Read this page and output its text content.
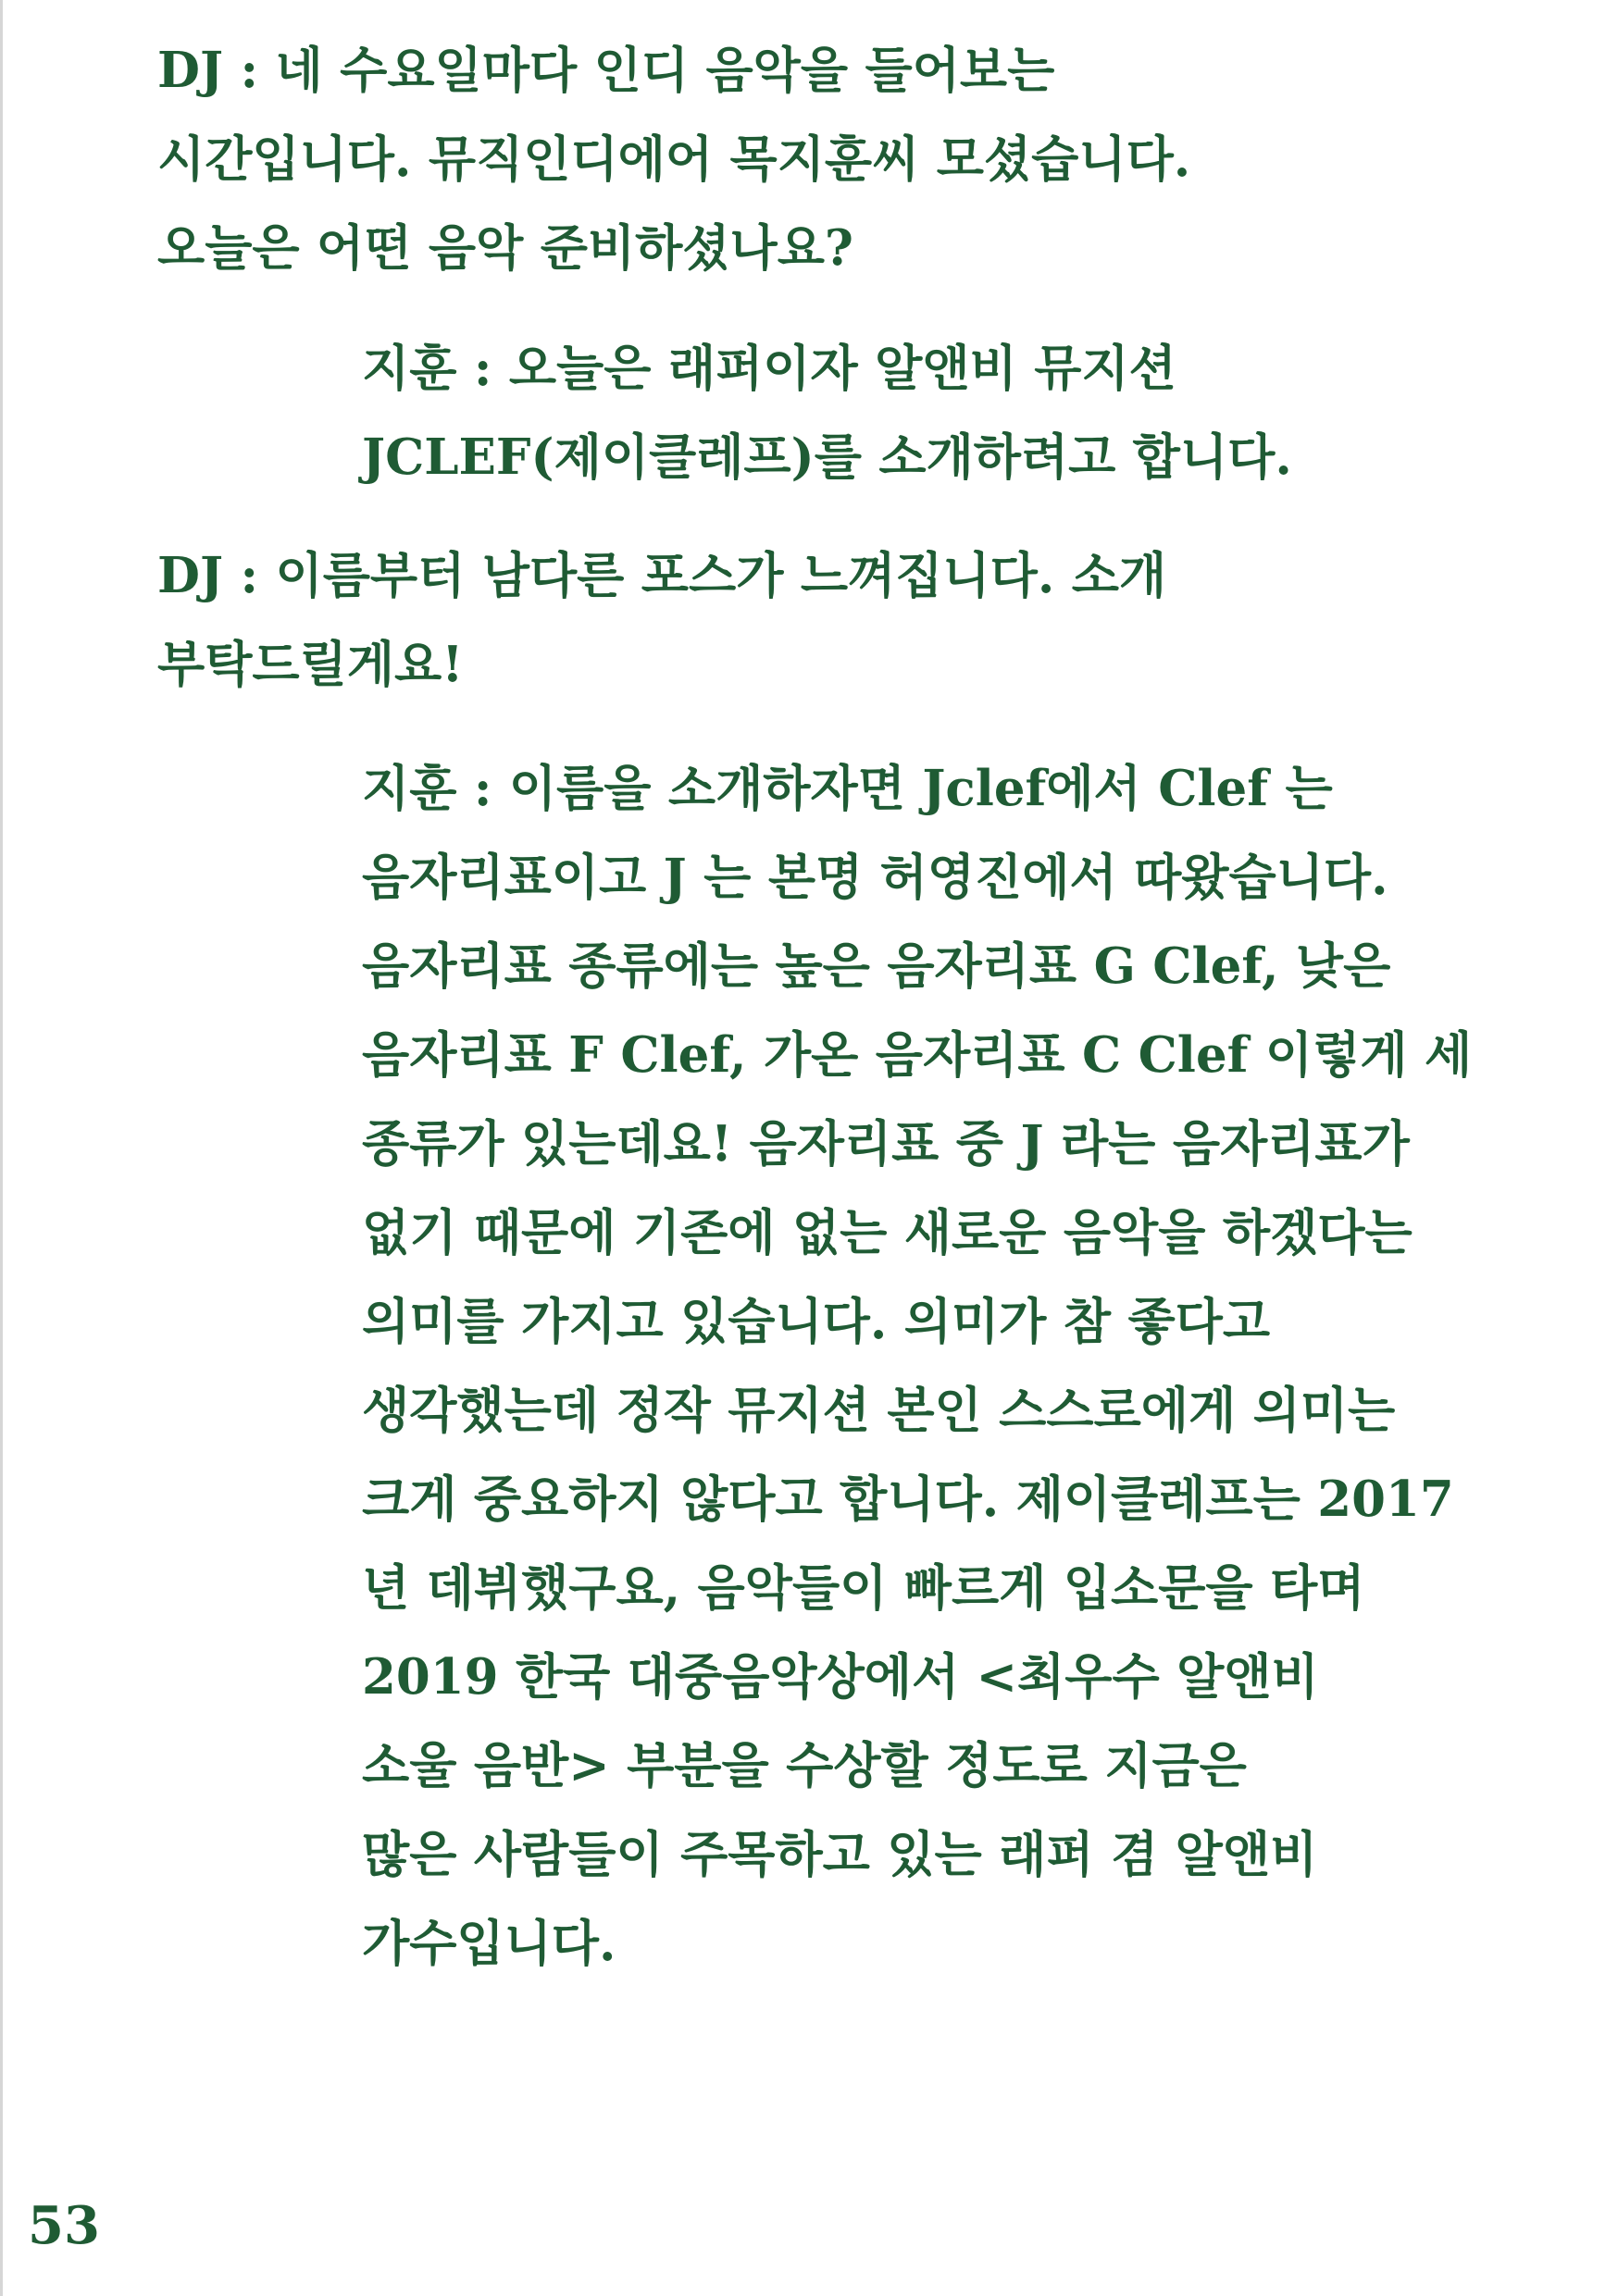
DJ : 네 수요일마다 인디 음악을 들어보는
시간입니다. 뮤직인디에어 목지훈씨 모셨습니다.
오늘은 어떤 음악 준비하셨나요?
지훈 : 오늘은 래퍼이자 알앤비 뮤지션
JCLEF(제이클레프)를 소개하려고 합니다.
DJ : 이름부터 남다른 포스가 느껴집니다. 소개
부탁드릴게요!
지훈 : 이름을 소개하자면 Jclef에서 Clef 는
음자리표이고 J 는 본명 허영진에서 따왔습니다.
음자리표 종류에는 높은 음자리표 G Clef, 낮은
음자리표 F Clef, 가온 음자리표 C Clef 이렇게 세
종류가 있는데요! 음자리표 중 J 라는 음자리표가
없기 때문에 기존에 없는 새로운 음악을 하겠다는
의미를 가지고 있습니다. 의미가 참 좋다고
생각했는데 정작 뮤지션 본인 스스로에게 의미는
크게 중요하지 않다고 합니다. 제이클레프는 2017
년 데뷔했구요, 음악들이 빠르게 입소문을 타며
2019 한국 대중음악상에서 <최우수 알앤비
소울 음반> 부분을 수상할 정도로 지금은
많은 사람들이 주목하고 있는 래퍼 겸 알앤비
가수입니다.
53
